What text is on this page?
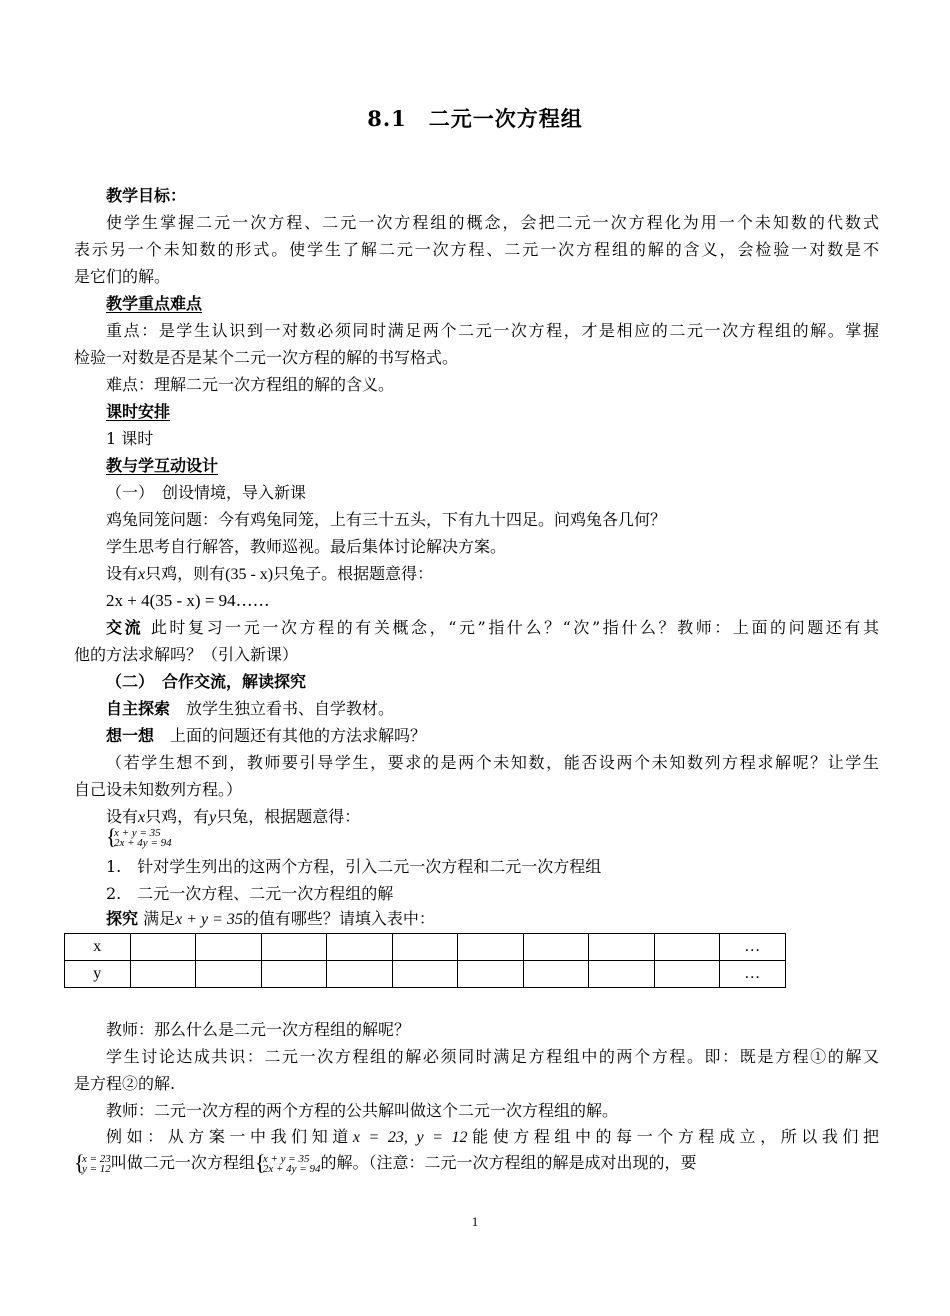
8.1　二元一次方程组
教学目标：
使学生掌握二元一次方程、二元一次方程组的概念，会把二元一次方程化为用一个未知数的代数式
表示另一个未知数的形式。使学生了解二元一次方程、二元一次方程组的解的含义，会检验一对数是不
是它们的解。
教学重点难点
重点：是学生认识到一对数必须同时满足两个二元一次方程，才是相应的二元一次方程组的解。掌握
检验一对数是否是某个二元一次方程的解的书写格式。
难点：理解二元一次方程组的解的含义。
课时安排
1 课时
教与学互动设计
（一）　创设情境，导入新课
鸡兔同笼问题：今有鸡兔同笼，上有三十五头，下有九十四足。问鸡兔各几何？
学生思考自行解答，教师巡视。最后集体讨论解决方案。
设有x只鸡，则有(35 - x)只兔子。根据题意得：
2x + 4(35 - x) = 94……
交流 此时复习一元一次方程的有关概念，“元”指什么？“次”指什么？教师：上面的问题还有其
他的方法求解吗？（引入新课）
（二）　合作交流，解读探究
自主探索　放学生独立看书、自学教材。
想一想　上面的问题还有其他的方法求解吗？
（若学生想不到，教师要引导学生，要求的是两个未知数，能否设两个未知数列方程求解呢？让学生
自己设未知数列方程。）
设有x只鸡，有y只兔，根据题意得：
{
x + y = 35
2x + 4y = 94
1.　针对学生列出的这两个方程，引入二元一次方程和二元一次方程组
2.　二元一次方程、二元一次方程组的解
探究 满足x + y = 35的值有哪些？请填入表中：
x										…
y										…
教师：那么什么是二元一次方程组的解呢？
学生讨论达成共识：二元一次方程组的解必须同时满足方程组中的两个方程。即：既是方程①的解又
是方程②的解.
教师：二元一次方程的两个方程的公共解叫做这个二元一次方程组的解。
例如：从方案一中我们知道x = 23, y = 12能使方程组中的每一个方程成立，所以我们把
{
x = 23
y = 12 叫做二元一次方程组 {
x + y = 35
2x + 4y = 94 的解。（注意：二元一次方程组的解是成对出现的，要
1
